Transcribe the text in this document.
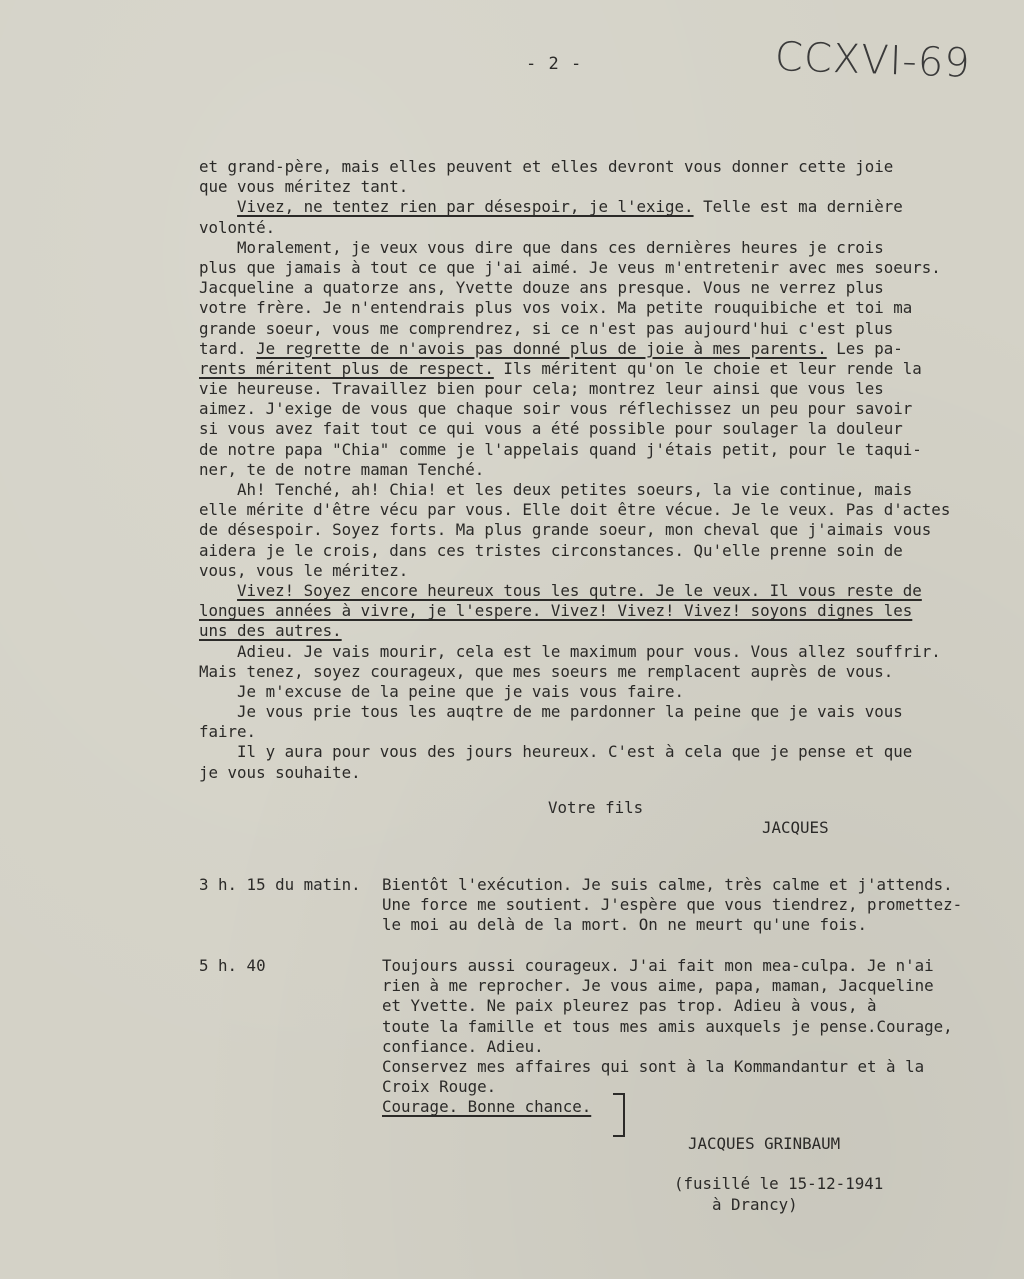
- 2 -	CCXVI-69
et grand-père, mais elles peuvent et elles devront vous donner cette joie
que vous méritez tant.
Vivez, ne tentez rien par désespoir, je l'exige. Telle est ma dernière
volonté.
Moralement, je veux vous dire que dans ces dernières heures je crois
plus que jamais à tout ce que j'ai aimé. Je veus m'entretenir avec mes soeurs.
Jacqueline a quatorze ans, Yvette douze ans presque. Vous ne verrez plus
votre frère. Je n'entendrais plus vos voix. Ma petite rouquibiche et toi ma
grande soeur, vous me comprendrez, si ce n'est pas aujourd'hui c'est plus
tard. Je regrette de n'avois pas donné plus de joie à mes parents. Les pa-
rents méritent plus de respect. Ils méritent qu'on le choie et leur rende la
vie heureuse. Travaillez bien pour cela; montrez leur ainsi que vous les
aimez. J'exige de vous que chaque soir vous réflechissez un peu pour savoir
si vous avez fait tout ce qui vous a été possible pour soulager la douleur
de notre papa "Chia" comme je l'appelais quand j'étais petit, pour le taqui-
ner, te de notre maman Tenché.
Ah! Tenché, ah! Chia! et les deux petites soeurs, la vie continue, mais
elle mérite d'être vécu par vous. Elle doit être vécue. Je le veux. Pas d'actes
de désespoir. Soyez forts. Ma plus grande soeur, mon cheval que j'aimais vous
aidera je le crois, dans ces tristes circonstances. Qu'elle prenne soin de
vous, vous le méritez.
Vivez! Soyez encore heureux tous les qutre. Je le veux. Il vous reste de
longues années à vivre, je l'espere. Vivez! Vivez! Vivez! soyons dignes les
uns des autres.
Adieu. Je vais mourir, cela est le maximum pour vous. Vous allez souffrir.
Mais tenez, soyez courageux, que mes soeurs me remplacent auprès de vous.
Je m'excuse de la peine que je vais vous faire.
Je vous prie tous les auqtre de me pardonner la peine que je vais vous
faire.
Il y aura pour vous des jours heureux. C'est à cela que je pense et que
je vous souhaite.
Votre fils
JACQUES
3 h. 15 du matin. Bientôt l'exécution. Je suis calme, très calme et j'attends.
Une force me soutient. J'espère que vous tiendrez, promettez-
le moi au delà de la mort. On ne meurt qu'une fois.
5 h. 40	Toujours aussi courageux. J'ai fait mon mea-culpa. Je n'ai
rien à me reprocher. Je vous aime, papa, maman, Jacqueline
et Yvette. Ne paix pleurez pas trop. Adieu à vous, à
toute la famille et tous mes amis auxquels je pense.Courage,
confiance. Adieu.
Conservez mes affaires qui sont à la Kommandantur et à la
Croix Rouge.
Courage. Bonne chance.
JACQUES GRINBAUM
(fusillé le 15-12-1941
à Drancy)
